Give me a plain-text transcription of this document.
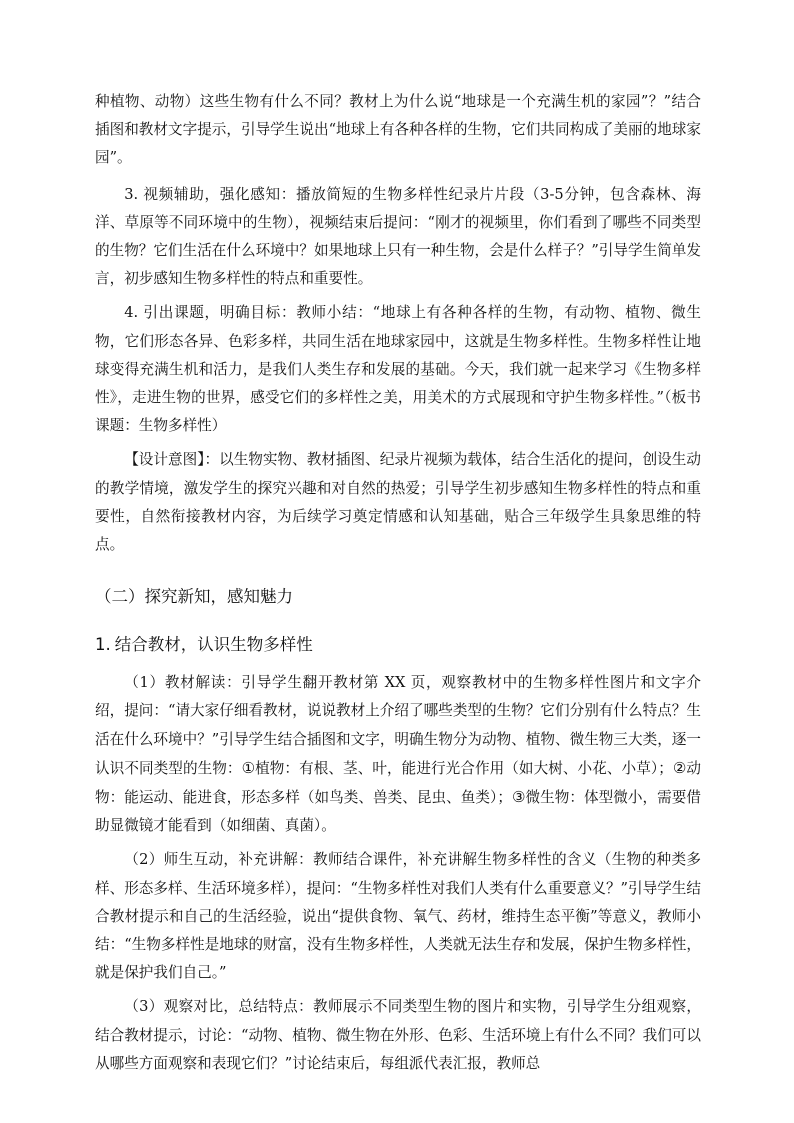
种植物、动物）这些生物有什么不同？教材上为什么说“地球是一个充满生机的家园”？”结合插图和教材文字提示，引导学生说出“地球上有各种各样的生物，它们共同构成了美丽的地球家园”。

3. 视频辅助，强化感知：播放简短的生物多样性纪录片片段（3-5分钟，包含森林、海洋、草原等不同环境中的生物），视频结束后提问：“刚才的视频里，你们看到了哪些不同类型的生物？它们生活在什么环境中？如果地球上只有一种生物，会是什么样子？”引导学生简单发言，初步感知生物多样性的特点和重要性。

4. 引出课题，明确目标：教师小结：“地球上有各种各样的生物，有动物、植物、微生物，它们形态各异、色彩多样，共同生活在地球家园中，这就是生物多样性。生物多样性让地球变得充满生机和活力，是我们人类生存和发展的基础。今天，我们就一起来学习《生物多样性》，走进生物的世界，感受它们的多样性之美，用美术的方式展现和守护生物多样性。”（板书课题：生物多样性）

【设计意图】：以生物实物、教材插图、纪录片视频为载体，结合生活化的提问，创设生动的教学情境，激发学生的探究兴趣和对自然的热爱；引导学生初步感知生物多样性的特点和重要性，自然衔接教材内容，为后续学习奠定情感和认知基础，贴合三年级学生具象思维的特点。

（二）探究新知，感知魅力
1. 结合教材，认识生物多样性

（1）教材解读：引导学生翻开教材第 XX 页，观察教材中的生物多样性图片和文字介绍，提问：“请大家仔细看教材，说说教材上介绍了哪些类型的生物？它们分别有什么特点？生活在什么环境中？”引导学生结合插图和文字，明确生物分为动物、植物、微生物三大类，逐一认识不同类型的生物：①植物：有根、茎、叶，能进行光合作用（如大树、小花、小草）；②动物：能运动、能进食，形态多样（如鸟类、兽类、昆虫、鱼类）；③微生物：体型微小，需要借助显微镜才能看到（如细菌、真菌）。

（2）师生互动，补充讲解：教师结合课件，补充讲解生物多样性的含义（生物的种类多样、形态多样、生活环境多样），提问：“生物多样性对我们人类有什么重要意义？”引导学生结合教材提示和自己的生活经验，说出“提供食物、氧气、药材，维持生态平衡”等意义，教师小结：“生物多样性是地球的财富，没有生物多样性，人类就无法生存和发展，保护生物多样性，就是保护我们自己。”

（3）观察对比，总结特点：教师展示不同类型生物的图片和实物，引导学生分组观察，结合教材提示，讨论：“动物、植物、微生物在外形、色彩、生活环境上有什么不同？我们可以从哪些方面观察和表现它们？”讨论结束后，每组派代表汇报，教师总
